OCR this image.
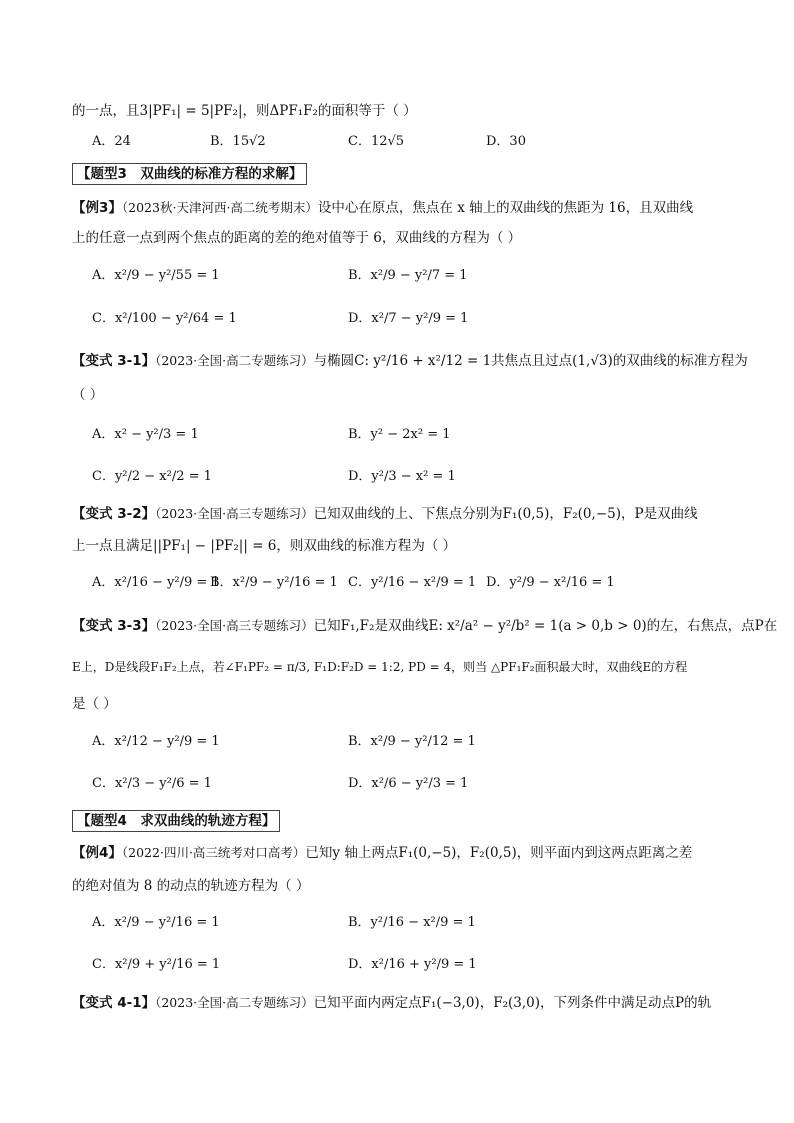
的一点，且3|PF₁| = 5|PF₂|，则ΔPF₁F₂的面积等于（ ）
A．24	B．15√2	C．12√5	D．30
【题型3　双曲线的标准方程的求解】
【例3】（2023秋·天津河西·高二统考期末）设中心在原点，焦点在 x 轴上的双曲线的焦距为 16，且双曲线
上的任意一点到两个焦点的距离的差的绝对值等于 6，双曲线的方程为（ ）
A．x²/9 − y²/55 = 1	B．x²/9 − y²/7 = 1
C．x²/100 − y²/64 = 1	D．x²/7 − y²/9 = 1
【变式 3-1】（2023·全国·高二专题练习）与椭圆C: y²/16 + x²/12 = 1共焦点且过点(1,√3)的双曲线的标准方程为
（ ）
A．x² − y²/3 = 1	B．y² − 2x² = 1
C．y²/2 − x²/2 = 1	D．y²/3 − x² = 1
【变式 3-2】（2023·全国·高三专题练习）已知双曲线的上、下焦点分别为F₁(0,5)，F₂(0,−5)，P是双曲线
上一点且满足||PF₁| − |PF₂|| = 6，则双曲线的标准方程为（ ）
A．x²/16 − y²/9 = 1
B．x²/9 − y²/16 = 1 C．y²/16 − x²/9 = 1 D．y²/9 − x²/16 = 1
【变式 3-3】（2023·全国·高三专题练习）已知F₁,F₂是双曲线E: x²/a² − y²/b² = 1(a > 0,b > 0)的左，右焦点，点P在
E上，D是线段F₁F₂上点，若∠F₁PF₂ = π/3, F₁D:F₂D = 1:2, PD = 4，则当 △PF₁F₂面积最大时，双曲线E的方程
是（ ）
A．x²/12 − y²/9 = 1	B．x²/9 − y²/12 = 1
C．x²/3 − y²/6 = 1	D．x²/6 − y²/3 = 1
【题型4　求双曲线的轨迹方程】
【例4】（2022·四川·高三统考对口高考）已知y 轴上两点F₁(0,−5)，F₂(0,5)，则平面内到这两点距离之差
的绝对值为 8 的动点的轨迹方程为（ ）
A．x²/9 − y²/16 = 1	B．y²/16 − x²/9 = 1
C．x²/9 + y²/16 = 1	D．x²/16 + y²/9 = 1
【变式 4-1】（2023·全国·高二专题练习）已知平面内两定点F₁(−3,0)，F₂(3,0)，下列条件中满足动点P的轨
